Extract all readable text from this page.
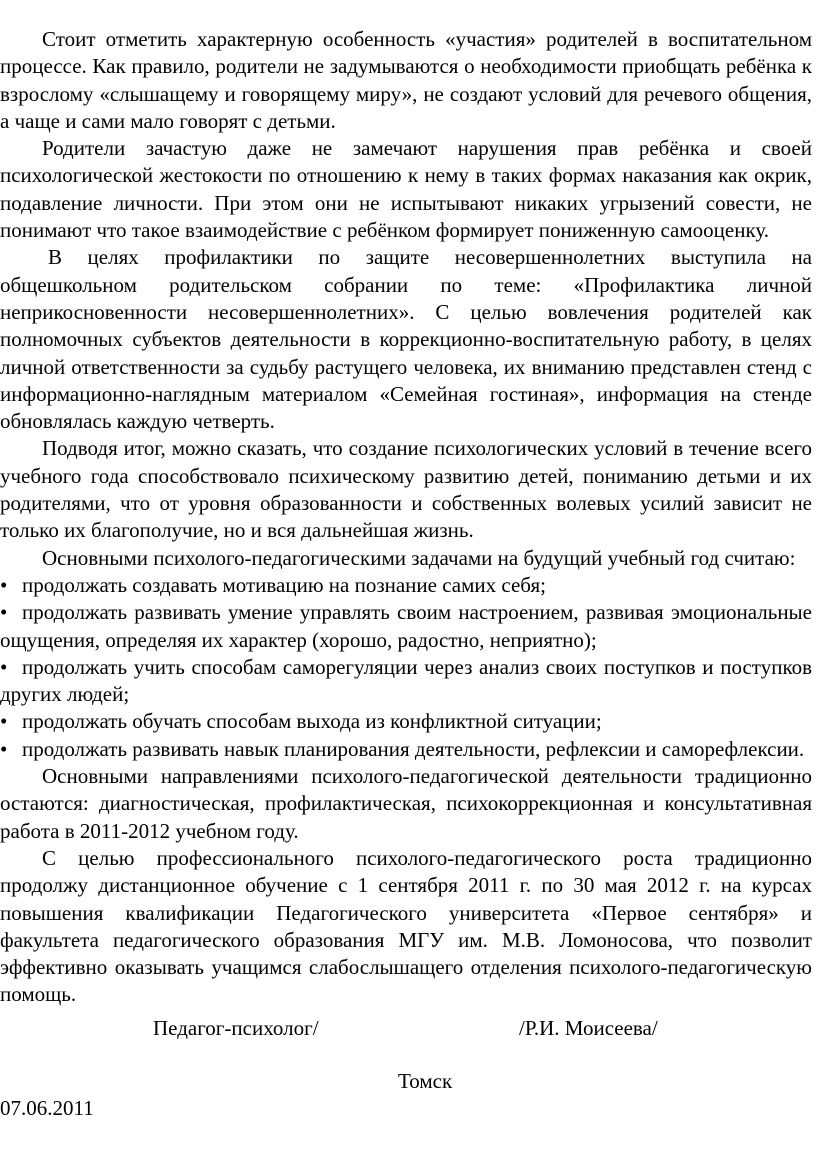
Стоит отметить характерную особенность «участия» родителей в воспитательном процессе. Как правило, родители не задумываются о необходимости приобщать ребёнка к взрослому «слышащему и говорящему миру», не создают условий для речевого общения, а чаще и сами мало говорят с детьми.

Родители зачастую даже не замечают нарушения прав ребёнка и своей психологической жестокости по отношению к нему в таких формах наказания как окрик, подавление личности. При этом они не испытывают никаких угрызений совести, не понимают что такое взаимодействие с ребёнком формирует пониженную самооценку.

В целях профилактики по защите несовершеннолетних выступила на общешкольном родительском собрании по теме: «Профилактика личной неприкосновенности несовершеннолетних». С целью вовлечения родителей как полномочных субъектов деятельности в коррекционно-воспитательную работу, в целях личной ответственности за судьбу растущего человека, их вниманию представлен стенд с информационно-наглядным материалом «Семейная гостиная», информация на стенде обновлялась каждую четверть.

Подводя итог, можно сказать, что создание психологических условий в течение всего учебного года способствовало психическому развитию детей, пониманию детьми и их родителями, что от уровня образованности и собственных волевых усилий зависит не только их благополучие, но и вся дальнейшая жизнь.

Основными психолого-педагогическими задачами на будущий учебный год считаю:

• продолжать создавать мотивацию на познание самих себя;
• продолжать развивать умение управлять своим настроением, развивая эмоциональные ощущения, определяя их характер (хорошо, радостно, неприятно);
• продолжать учить способам саморегуляции через анализ своих поступков и поступков других людей;
• продолжать обучать способам выхода из конфликтной ситуации;
• продолжать развивать навык планирования деятельности, рефлексии и саморефлексии.

Основными направлениями психолого-педагогической деятельности традиционно остаются: диагностическая, профилактическая, психокоррекционная и консультативная работа в 2011-2012 учебном году.

С целью профессионального психолого-педагогического роста традиционно продолжу дистанционное обучение с 1 сентября 2011 г. по 30 мая 2012 г. на курсах повышения квалификации Педагогического университета «Первое сентября» и факультета педагогического образования МГУ им. М.В. Ломоносова, что позволит эффективно оказывать учащимся слабослышащего отделения психолого-педагогическую помощь.

Педагог-психолог/	/Р.И. Моисеева/
Томск
07.06.2011
